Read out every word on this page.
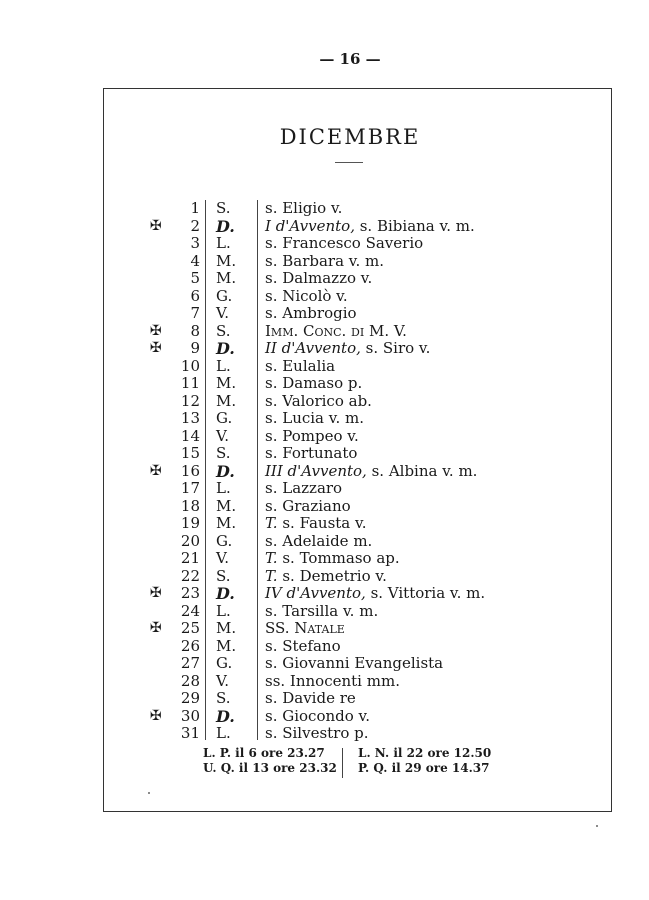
— 16 —
DICEMBRE
1 S. s. Eligio v.
✠ 2 D. I d'Avvento, s. Bibiana v. m.
3 L. s. Francesco Saverio
4 M. s. Barbara v. m.
5 M. s. Dalmazzo v.
6 G. s. Nicolò v.
7 V. s. Ambrogio
✠ 8 S. Imm. Conc. di M. V.
✠ 9 D. II d'Avvento, s. Siro v.
10 L. s. Eulalia
11 M. s. Damaso p.
12 M. s. Valorico ab.
13 G. s. Lucia v. m.
14 V. s. Pompeo v.
15 S. s. Fortunato
✠ 16 D. III d'Avvento, s. Albina v. m.
17 L. s. Lazzaro
18 M. s. Graziano
19 M. T. s. Fausta v.
20 G. s. Adelaide m.
21 V. T. s. Tommaso ap.
22 S. T. s. Demetrio v.
✠ 23 D. IV d'Avvento, s. Vittoria v. m.
24 L. s. Tarsilla v. m.
✠ 25 M. SS. Natale
26 M. s. Stefano
27 G. s. Giovanni Evangelista
28 V. ss. Innocenti mm.
29 S. s. Davide re
✠ 30 D. s. Giocondo v.
31 L. s. Silvestro p.
L. P. il 6 ore 23.27
U. Q. il 13 ore 23.32
L. N. il 22 ore 12.50
P. Q. il 29 ore 14.37
